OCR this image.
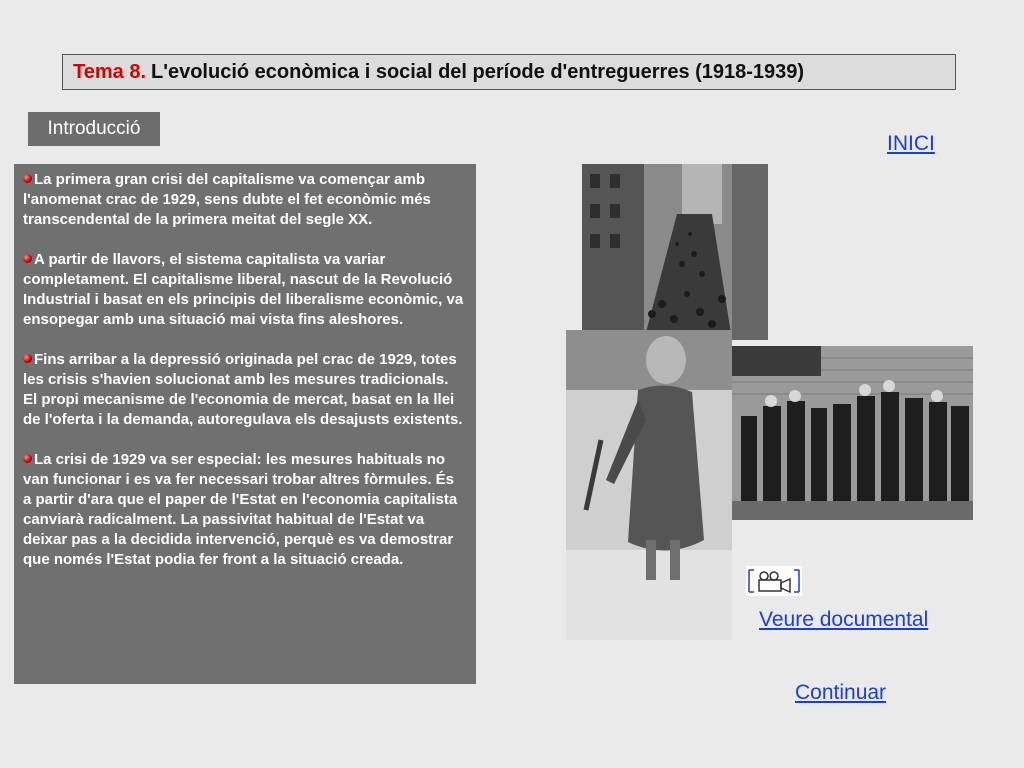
Tema 8. L'evolució econòmica i social del període d'entreguerres (1918-1939)
Introducció
INICI

La primera gran crisi del capitalisme va començar amb l'anomenat crac de 1929, sens dubte el fet econòmic més transcendental de la primera meitat del segle XX.

A partir de llavors, el sistema capitalista va variar completament. El capitalisme liberal, nascut de la Revolució Industrial i basat en els principis del liberalisme econòmic, va ensopegar amb una situació mai vista fins aleshores.

Fins arribar a la depressió originada pel crac de 1929, totes les crisis s'havien solucionat amb les mesures tradicionals. El propi mecanisme de l'economia de mercat, basat en la llei de l'oferta i la demanda, autoregulava els desajusts existents.

La crisi de 1929 va ser especial: les mesures habituals no van funcionar i es va fer necessari trobar altres fòrmules. És a partir d'ara que el paper de l'Estat en l'economia capitalista canviarà radicalment. La passivitat habitual de l'Estat va deixar pas a la decidida intervenció, perquè es va demostrar que només l'Estat podia fer front a la situació creada.

Veure documental
Continuar
